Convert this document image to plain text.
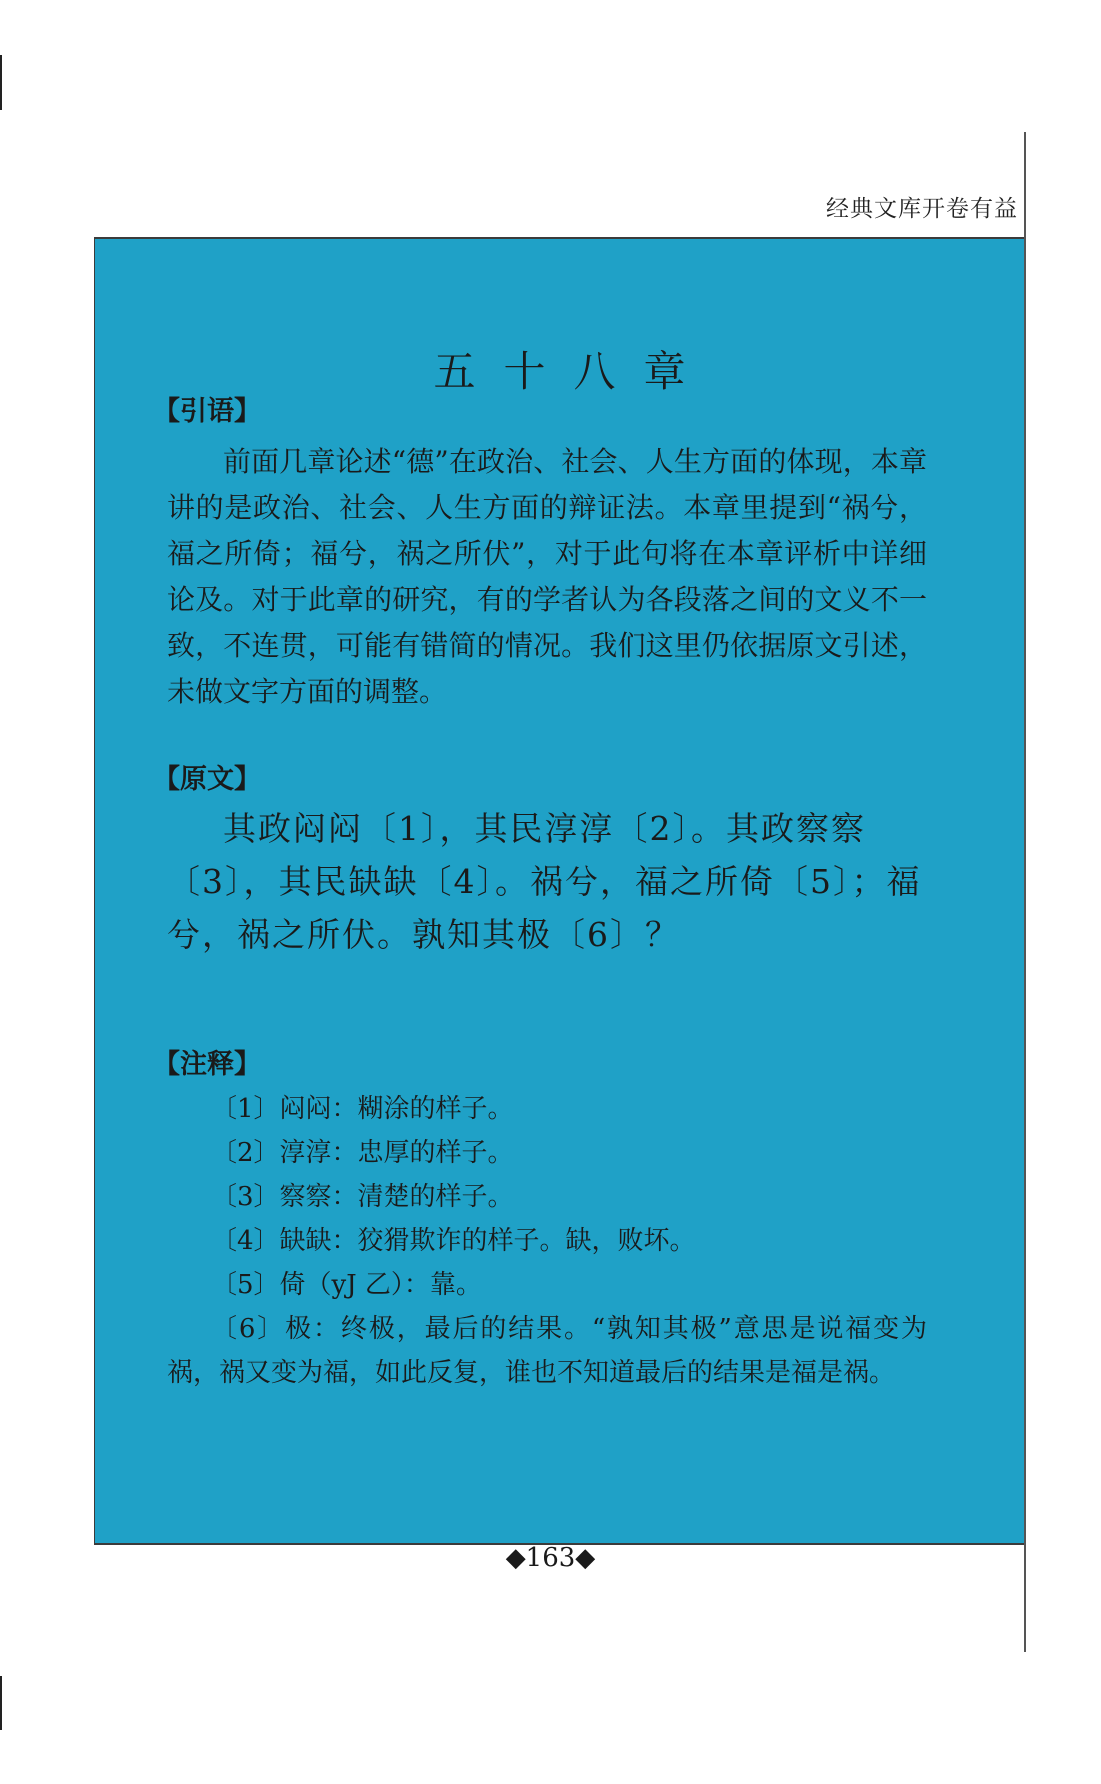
经典文库开卷有益
五十八章
【引语】

前面几章论述“德”在政治、社会、人生方面的体现，本章讲的是政治、社会、人生方面的辩证法。本章里提到“祸兮，福之所倚；福兮，祸之所伏”，对于此句将在本章评析中详细论及。对于此章的研究，有的学者认为各段落之间的文义不一致，不连贯，可能有错简的情况。我们这里仍依据原文引述，未做文字方面的调整。

【原文】

其政闷闷〔1〕，其民淳淳〔2〕。其政察察〔3〕，其民缺缺〔4〕。祸兮，福之所倚〔5〕；福兮，祸之所伏。孰知其极〔6〕？

【注释】
〔1〕闷闷：糊涂的样子。
〔2〕淳淳：忠厚的样子。
〔3〕察察：清楚的样子。
〔4〕缺缺：狡猾欺诈的样子。缺，败坏。
〔5〕倚（yJ 乙）：靠。
〔6〕极：终极，最后的结果。“孰知其极”意思是说福变为祸，祸又变为福，如此反复，谁也不知道最后的结果是福是祸。
◆163◆
